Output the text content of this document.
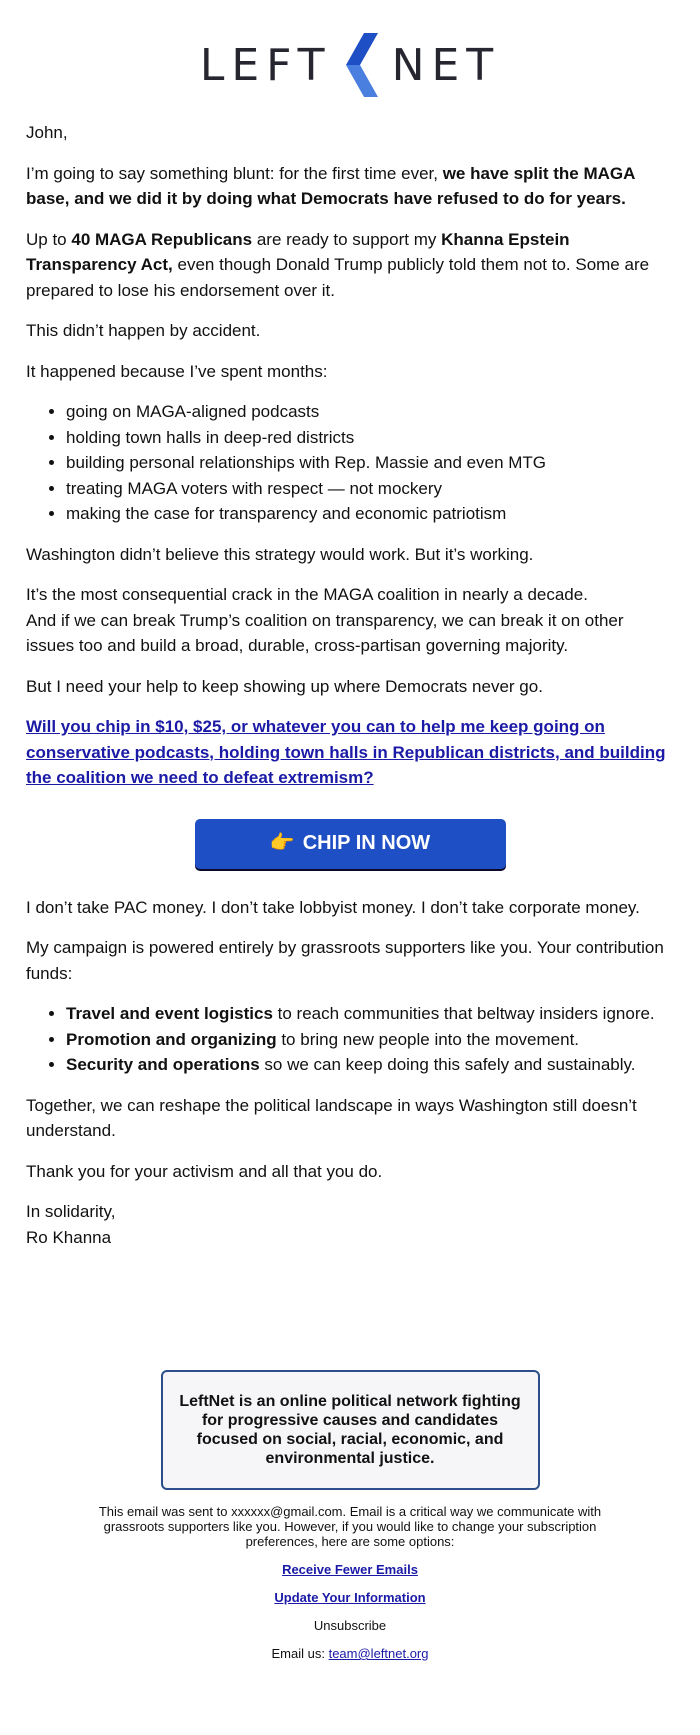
LEFT NET

John,

I’m going to say something blunt: for the first time ever, we have split the MAGA base, and we did it by doing what Democrats have refused to do for years.

Up to 40 MAGA Republicans are ready to support my Khanna Epstein Transparency Act, even though Donald Trump publicly told them not to. Some are prepared to lose his endorsement over it.

This didn’t happen by accident.

It happened because I’ve spent months:

• going on MAGA-aligned podcasts
• holding town halls in deep-red districts
• building personal relationships with Rep. Massie and even MTG
• treating MAGA voters with respect — not mockery
• making the case for transparency and economic patriotism

Washington didn’t believe this strategy would work. But it’s working.

It’s the most consequential crack in the MAGA coalition in nearly a decade.
And if we can break Trump’s coalition on transparency, we can break it on other issues too and build a broad, durable, cross-partisan governing majority.

But I need your help to keep showing up where Democrats never go.

Will you chip in $10, $25, or whatever you can to help me keep going on conservative podcasts, holding town halls in Republican districts, and building the coalition we need to defeat extremism?

👉 CHIP IN NOW

I don’t take PAC money. I don’t take lobbyist money. I don’t take corporate money.

My campaign is powered entirely by grassroots supporters like you. Your contribution funds:

• Travel and event logistics to reach communities that beltway insiders ignore.
• Promotion and organizing to bring new people into the movement.
• Security and operations so we can keep doing this safely and sustainably.

Together, we can reshape the political landscape in ways Washington still doesn’t understand.

Thank you for your activism and all that you do.

In solidarity,
Ro Khanna

LeftNet is an online political network fighting for progressive causes and candidates focused on social, racial, economic, and environmental justice.

This email was sent to xxxxxx@gmail.com. Email is a critical way we communicate with grassroots supporters like you. However, if you would like to change your subscription preferences, here are some options:

Receive Fewer Emails

Update Your Information

Unsubscribe

Email us: team@leftnet.org
